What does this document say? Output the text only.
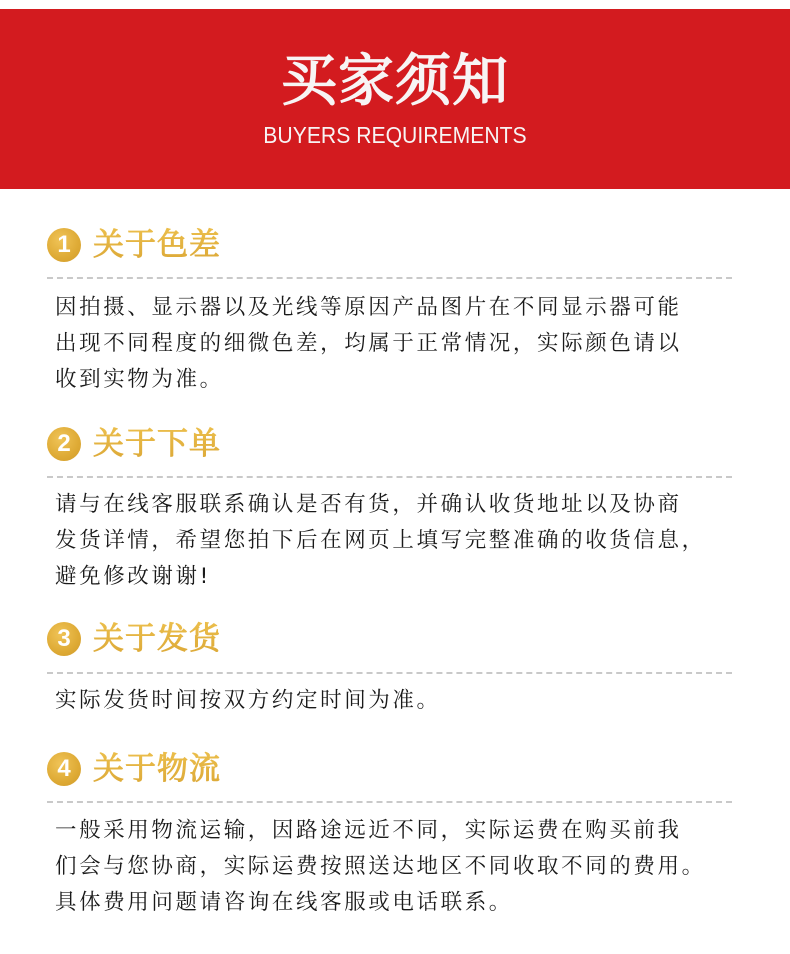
买家须知
BUYERS REQUIREMENTS
1 关于色差

因拍摄、显示器以及光线等原因产品图片在不同显示器可能

出现不同程度的细微色差，均属于正常情况，实际颜色请以

收到实物为准。

2 关于下单

请与在线客服联系确认是否有货，并确认收货地址以及协商

发货详情，希望您拍下后在网页上填写完整准确的收货信息，

避免修改谢谢!

3 关于发货

实际发货时间按双方约定时间为准。

4 关于物流

一般采用物流运输，因路途远近不同，实际运费在购买前我

们会与您协商，实际运费按照送达地区不同收取不同的费用。

具体费用问题请咨询在线客服或电话联系。
